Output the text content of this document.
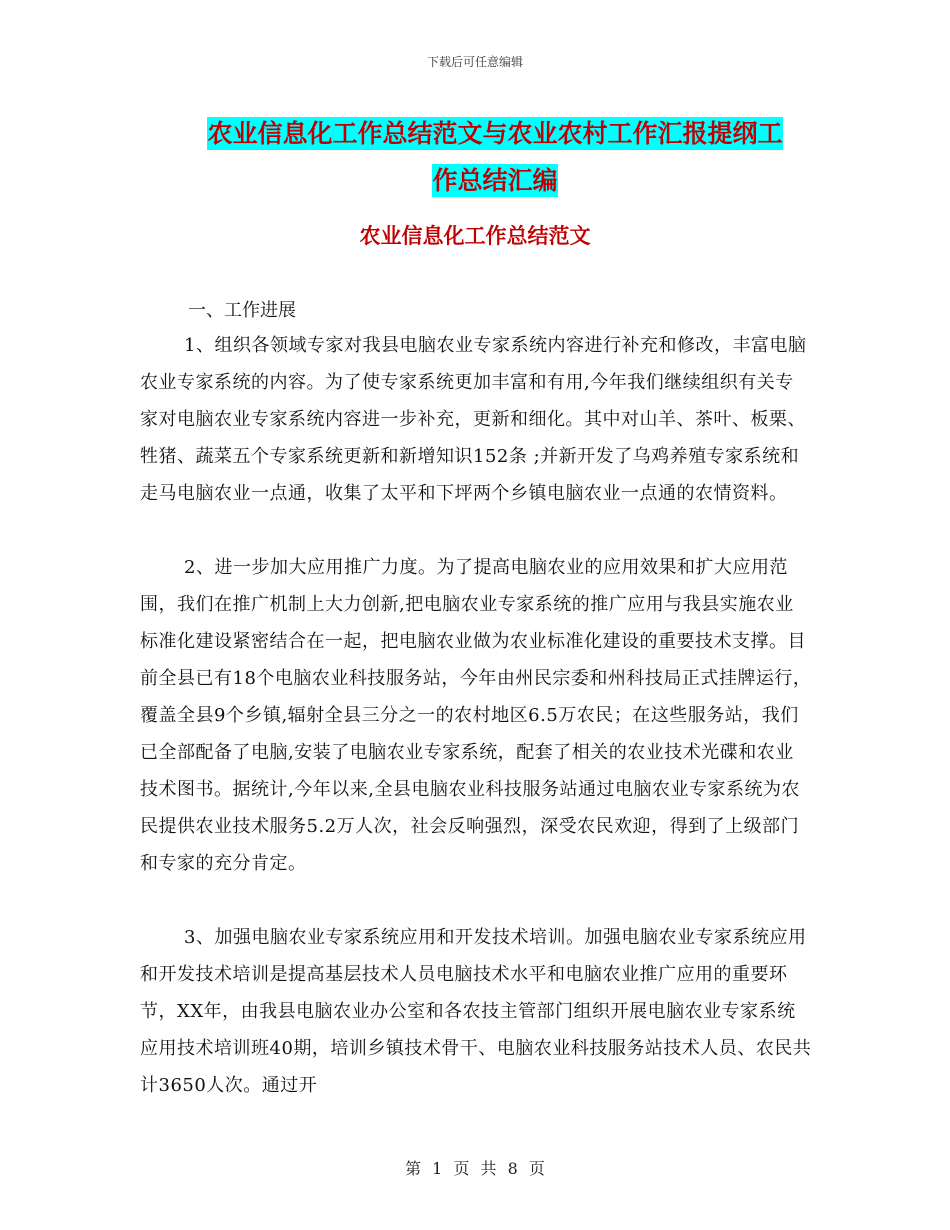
下载后可任意编辑
农业信息化工作总结范文与农业农村工作汇报提纲工
作总结汇编
农业信息化工作总结范文

一、工作进展

1、组织各领域专家对我县电脑农业专家系统内容进行补充和修改，丰富电脑农业专家系统的内容。为了使专家系统更加丰富和有用,今年我们继续组织有关专家对电脑农业专家系统内容进一步补充，更新和细化。其中对山羊、茶叶、板栗、牲猪、蔬菜五个专家系统更新和新增知识152条 ;并新开发了乌鸡养殖专家系统和走马电脑农业一点通，收集了太平和下坪两个乡镇电脑农业一点通的农情资料。

2、进一步加大应用推广力度。为了提高电脑农业的应用效果和扩大应用范围，我们在推广机制上大力创新,把电脑农业专家系统的推广应用与我县实施农业标准化建设紧密结合在一起，把电脑农业做为农业标准化建设的重要技术支撑。目前全县已有18个电脑农业科技服务站，今年由州民宗委和州科技局正式挂牌运行，覆盖全县9个乡镇,辐射全县三分之一的农村地区6.5万农民；在这些服务站，我们已全部配备了电脑,安装了电脑农业专家系统，配套了相关的农业技术光碟和农业技术图书。据统计,今年以来,全县电脑农业科技服务站通过电脑农业专家系统为农民提供农业技术服务5.2万人次，社会反响强烈，深受农民欢迎，得到了上级部门和专家的充分肯定。

3、加强电脑农业专家系统应用和开发技术培训。加强电脑农业专家系统应用和开发技术培训是提高基层技术人员电脑技术水平和电脑农业推广应用的重要环节，XX年，由我县电脑农业办公室和各农技主管部门组织开展电脑农业专家系统应用技术培训班40期，培训乡镇技术骨干、电脑农业科技服务站技术人员、农民共计3650人次。通过开

第 1 页 共 8 页
